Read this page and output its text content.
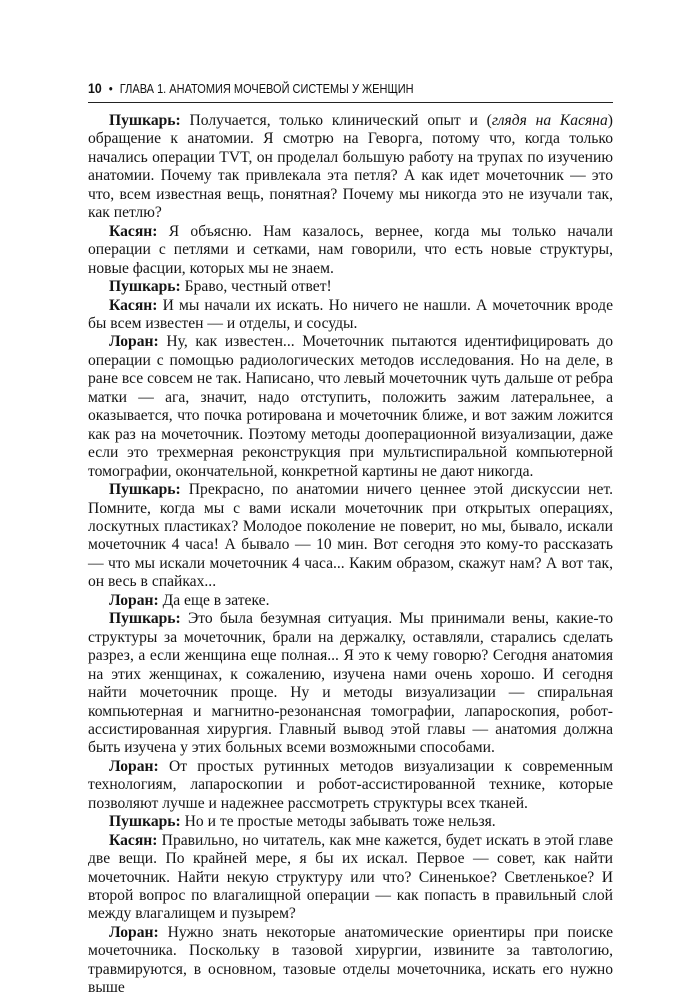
10 • ГЛАВА 1. АНАТОМИЯ МОЧЕВОЙ СИСТЕМЫ У ЖЕНЩИН

Пушкарь: Получается, только клинический опыт и (глядя на Касяна) обращение к анатомии. Я смотрю на Геворга, потому что, когда только начались операции TVT, он проделал большую работу на трупах по изучению анатомии. Почему так привлекала эта петля? А как идет мочеточник — это что, всем известная вещь, понятная? Почему мы никогда это не изучали так, как петлю?

Касян: Я объясню. Нам казалось, вернее, когда мы только начали операции с петлями и сетками, нам говорили, что есть новые структуры, новые фасции, которых мы не знаем.

Пушкарь: Браво, честный ответ!

Касян: И мы начали их искать. Но ничего не нашли. А мочеточник вроде бы всем известен — и отделы, и сосуды.

Лоран: Ну, как известен... Мочеточник пытаются идентифицировать до операции с помощью радиологических методов исследования. Но на деле, в ране все совсем не так. Написано, что левый мочеточник чуть дальше от ребра матки — ага, значит, надо отступить, положить зажим латеральнее, а оказывается, что почка ротирована и мочеточник ближе, и вот зажим ложится как раз на мочеточник. Поэтому методы дооперационной визуализации, даже если это трехмерная реконструкция при мультиспиральной компьютерной томографии, окончательной, конкретной картины не дают никогда.

Пушкарь: Прекрасно, по анатомии ничего ценнее этой дискуссии нет. Помните, когда мы с вами искали мочеточник при открытых операциях, лоскутных пластиках? Молодое поколение не поверит, но мы, бывало, искали мочеточник 4 часа! А бывало — 10 мин. Вот сегодня это кому-то рассказать — что мы искали мочеточник 4 часа... Каким образом, скажут нам? А вот так, он весь в спайках...

Лоран: Да еще в затеке.

Пушкарь: Это была безумная ситуация. Мы принимали вены, какие-то структуры за мочеточник, брали на держалку, оставляли, старались сделать разрез, а если женщина еще полная... Я это к чему говорю? Сегодня анатомия на этих женщинах, к сожалению, изучена нами очень хорошо. И сегодня найти мочеточник проще. Ну и методы визуализации — спиральная компьютерная и магнитно-резонансная томографии, лапароскопия, робот-ассистированная хирургия. Главный вывод этой главы — анатомия должна быть изучена у этих больных всеми возможными способами.

Лоран: От простых рутинных методов визуализации к современным технологиям, лапароскопии и робот-ассистированной технике, которые позволяют лучше и надежнее рассмотреть структуры всех тканей.

Пушкарь: Но и те простые методы забывать тоже нельзя.

Касян: Правильно, но читатель, как мне кажется, будет искать в этой главе две вещи. По крайней мере, я бы их искал. Первое — совет, как найти мочеточник. Найти некую структуру или что? Синенькое? Светленькое? И второй вопрос по влагалищной операции — как попасть в правильный слой между влагалищем и пузырем?

Лоран: Нужно знать некоторые анатомические ориентиры при поиске мочеточника. Поскольку в тазовой хирургии, извините за тавтологию, травмируются, в основном, тазовые отделы мочеточника, искать его нужно выше
